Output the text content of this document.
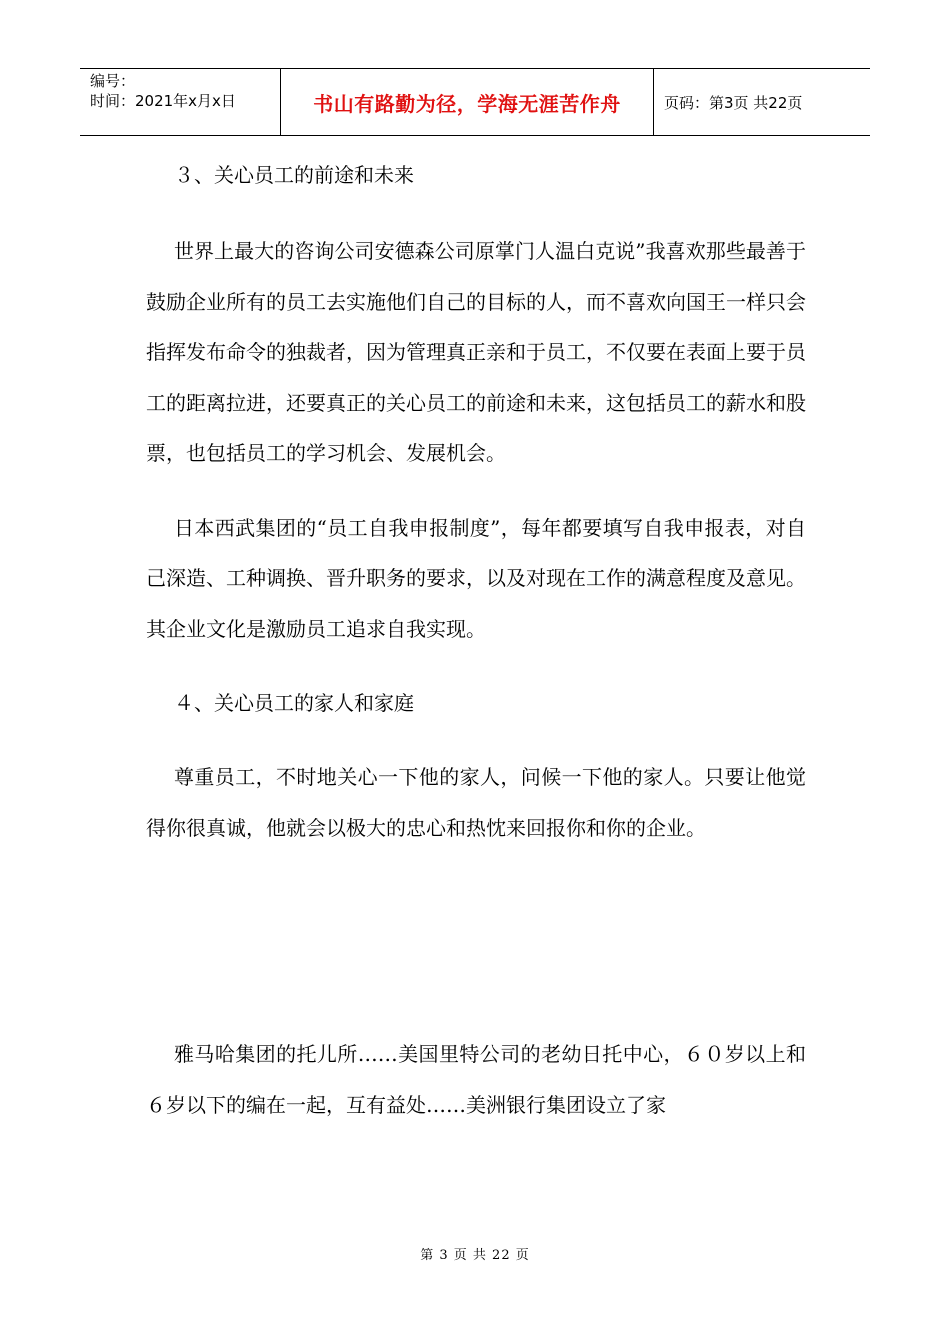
编号：
时间：2021年x月x日	书山有路勤为径，学海无涯苦作舟	页码：第3页 共22页

３、关心员工的前途和未来

世界上最大的咨询公司安德森公司原掌门人温白克说”我喜欢那些最善于鼓励企业所有的员工去实施他们自己的目标的人，而不喜欢向国王一样只会指挥发布命令的独裁者，因为管理真正亲和于员工，不仅要在表面上要于员工的距离拉进，还要真正的关心员工的前途和未来，这包括员工的薪水和股票，也包括员工的学习机会、发展机会。

日本西武集团的“员工自我申报制度”，每年都要填写自我申报表，对自己深造、工种调换、晋升职务的要求，以及对现在工作的满意程度及意见。其企业文化是激励员工追求自我实现。

４、关心员工的家人和家庭

尊重员工，不时地关心一下他的家人，问候一下他的家人。只要让他觉得你很真诚，他就会以极大的忠心和热忱来回报你和你的企业。

雅马哈集团的托儿所……美国里特公司的老幼日托中心，６０岁以上和６岁以下的编在一起，互有益处……美洲银行集团设立了家

第 3 页 共 22 页
